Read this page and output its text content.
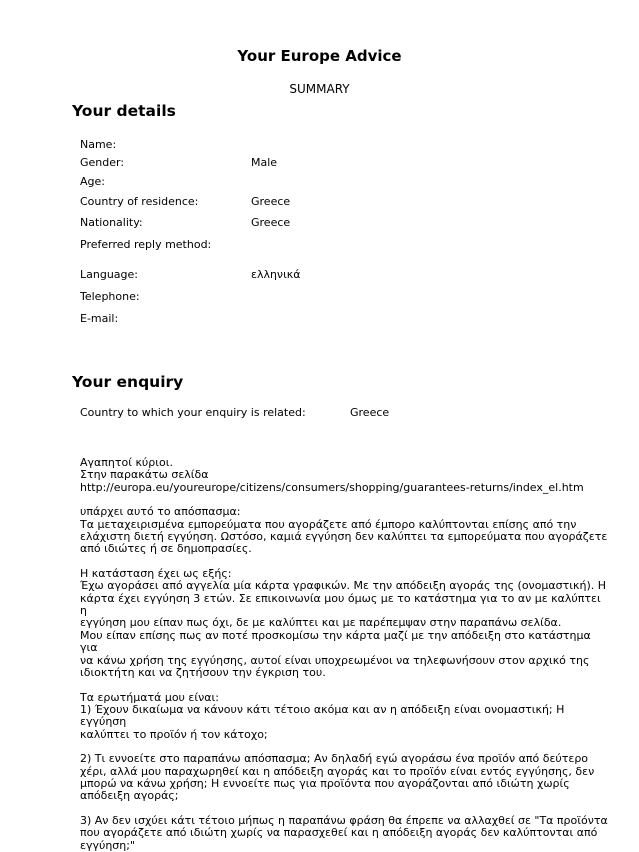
Your Europe Advice
SUMMARY
Your details
Name:
Gender:	Male
Age:
Country of residence:	Greece
Nationality:	Greece
Preferred reply method:
Language:	ελληνικά
Telephone:
E-mail:
Your enquiry
Country to which your enquiry is related:	Greece

Αγαπητοί κύριοι.
Στην παρακάτω σελίδα
http://europa.eu/youreurope/citizens/consumers/shopping/guarantees-returns/index_el.htm

υπάρχει αυτό το απόσπασμα:
Τα μεταχειρισμένα εμπορεύματα που αγοράζετε από έμπορο καλύπτονται επίσης από την
ελάχιστη διετή εγγύηση. Ωστόσο, καμιά εγγύηση δεν καλύπτει τα εμπορεύματα που αγοράζετε
από ιδιώτες ή σε δημοπρασίες.

Η κατάσταση έχει ως εξής:
Έχω αγοράσει από αγγελία μία κάρτα γραφικών. Με την απόδειξη αγοράς της (ονομαστική). Η
κάρτα έχει εγγύηση 3 ετών. Σε επικοινωνία μου όμως με το κατάστημα για το αν με καλύπτει η
εγγύηση μου είπαν πως όχι, δε με καλύπτει και με παρέπεμψαν στην παραπάνω σελίδα.
Μου είπαν επίσης πως αν ποτέ προσκομίσω την κάρτα μαζί με την απόδειξη στο κατάστημα για
να κάνω χρήση της εγγύησης, αυτοί είναι υποχρεωμένοι να τηλεφωνήσουν στον αρχικό της
ιδιοκτήτη και να ζητήσουν την έγκριση του.

Τα ερωτήματά μου είναι:
1) Έχουν δικαίωμα να κάνουν κάτι τέτοιο ακόμα και αν η απόδειξη είναι ονομαστική; Η εγγύηση
καλύπτει το προϊόν ή τον κάτοχο;

2) Τι εννοείτε στο παραπάνω απόσπασμα; Αν δηλαδή εγώ αγοράσω ένα προϊόν από δεύτερο
χέρι, αλλά μου παραχωρηθεί και η απόδειξη αγοράς και το προϊόν είναι εντός εγγύησης, δεν
μπορώ να κάνω χρήση; Η εννοείτε πως για προϊόντα που αγοράζονται από ιδιώτη χωρίς
απόδειξη αγοράς;

3) Αν δεν ισχύει κάτι τέτοιο μήπως η παραπάνω φράση θα έπρεπε να αλλαχθεί σε "Τα προϊόντα
που αγοράζετε από ιδιώτη χωρίς να παρασχεθεί και η απόδειξη αγοράς δεν καλύπτονται από
εγγύηση;"
